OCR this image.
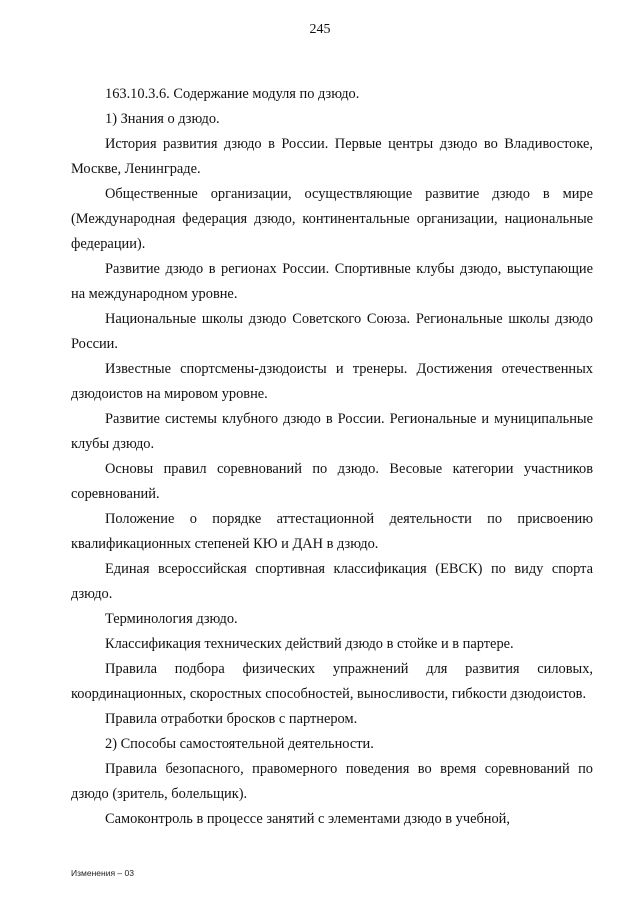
245

163.10.3.6. Содержание модуля по дзюдо.

1) Знания о дзюдо.

История развития дзюдо в России. Первые центры дзюдо во Владивостоке, Москве, Ленинграде.

Общественные организации, осуществляющие развитие дзюдо в мире (Международная федерация дзюдо, континентальные организации, национальные федерации).

Развитие дзюдо в регионах России. Спортивные клубы дзюдо, выступающие на международном уровне.

Национальные школы дзюдо Советского Союза. Региональные школы дзюдо России.

Известные спортсмены-дзюдоисты и тренеры. Достижения отечественных дзюдоистов на мировом уровне.

Развитие системы клубного дзюдо в России. Региональные и муниципальные клубы дзюдо.

Основы правил соревнований по дзюдо. Весовые категории участников соревнований.

Положение о порядке аттестационной деятельности по присвоению квалификационных степеней КЮ и ДАН в дзюдо.

Единая всероссийская спортивная классификация (ЕВСК) по виду спорта дзюдо.

Терминология дзюдо.

Классификация технических действий дзюдо в стойке и в партере.

Правила подбора физических упражнений для развития силовых, координационных, скоростных способностей, выносливости, гибкости дзюдоистов.

Правила отработки бросков с партнером.

2) Способы самостоятельной деятельности.

Правила безопасного, правомерного поведения во время соревнований по дзюдо (зритель, болельщик).

Самоконтроль в процессе занятий с элементами дзюдо в учебной,

Изменения – 03
